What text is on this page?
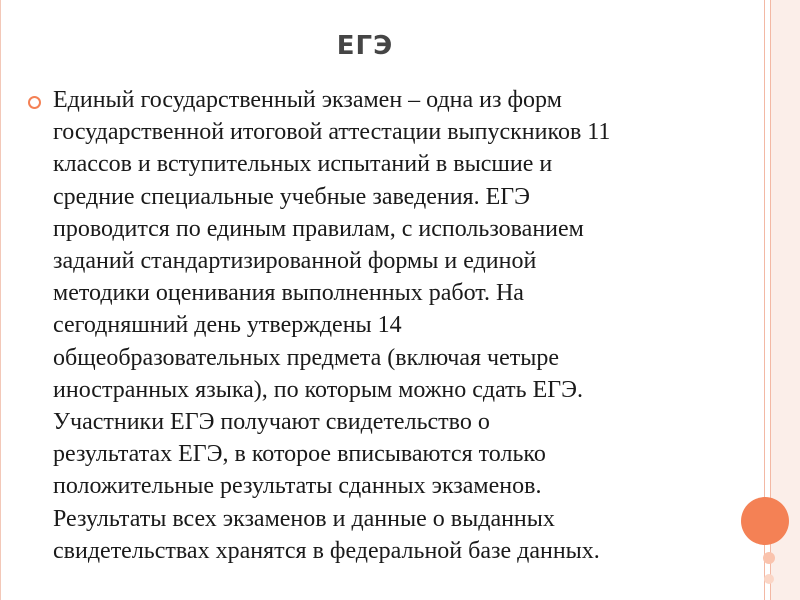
ЕГЭ
Единый государственный экзамен – одна из форм
государственной итоговой аттестации выпускников 11
классов и вступительных испытаний в высшие и
средние специальные учебные заведения. ЕГЭ
проводится по единым правилам, с использованием
заданий стандартизированной формы и единой
методики оценивания выполненных работ. На
сегодняшний день утверждены 14
общеобразовательных предмета (включая четыре
иностранных языка), по которым можно сдать ЕГЭ.
Участники ЕГЭ получают свидетельство о
результатах ЕГЭ, в которое вписываются только
положительные результаты сданных экзаменов.
Результаты всех экзаменов и данные о выданных
свидетельствах хранятся в федеральной базе данных.
